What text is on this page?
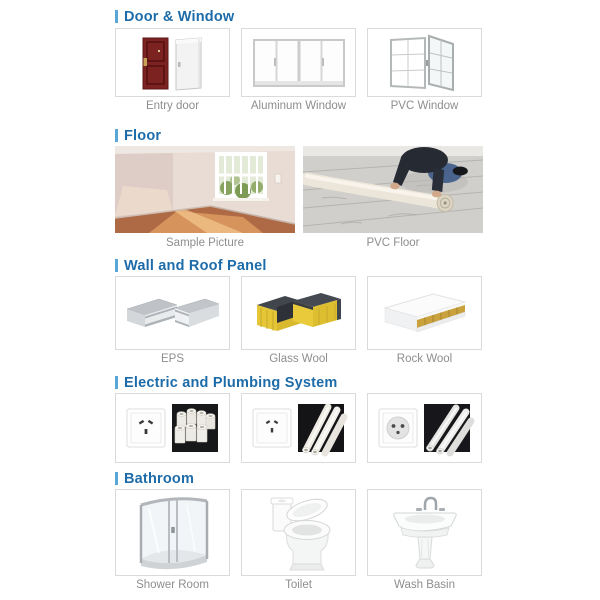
Door & Window
Entry door	Aluminum Window	PVC Window
Floor
Sample Picture	PVC Floor
Wall and Roof Panel
EPS	Glass Wool	Rock Wool
Electric and Plumbing System
Bathroom
Shower Room	Toilet	Wash Basin
